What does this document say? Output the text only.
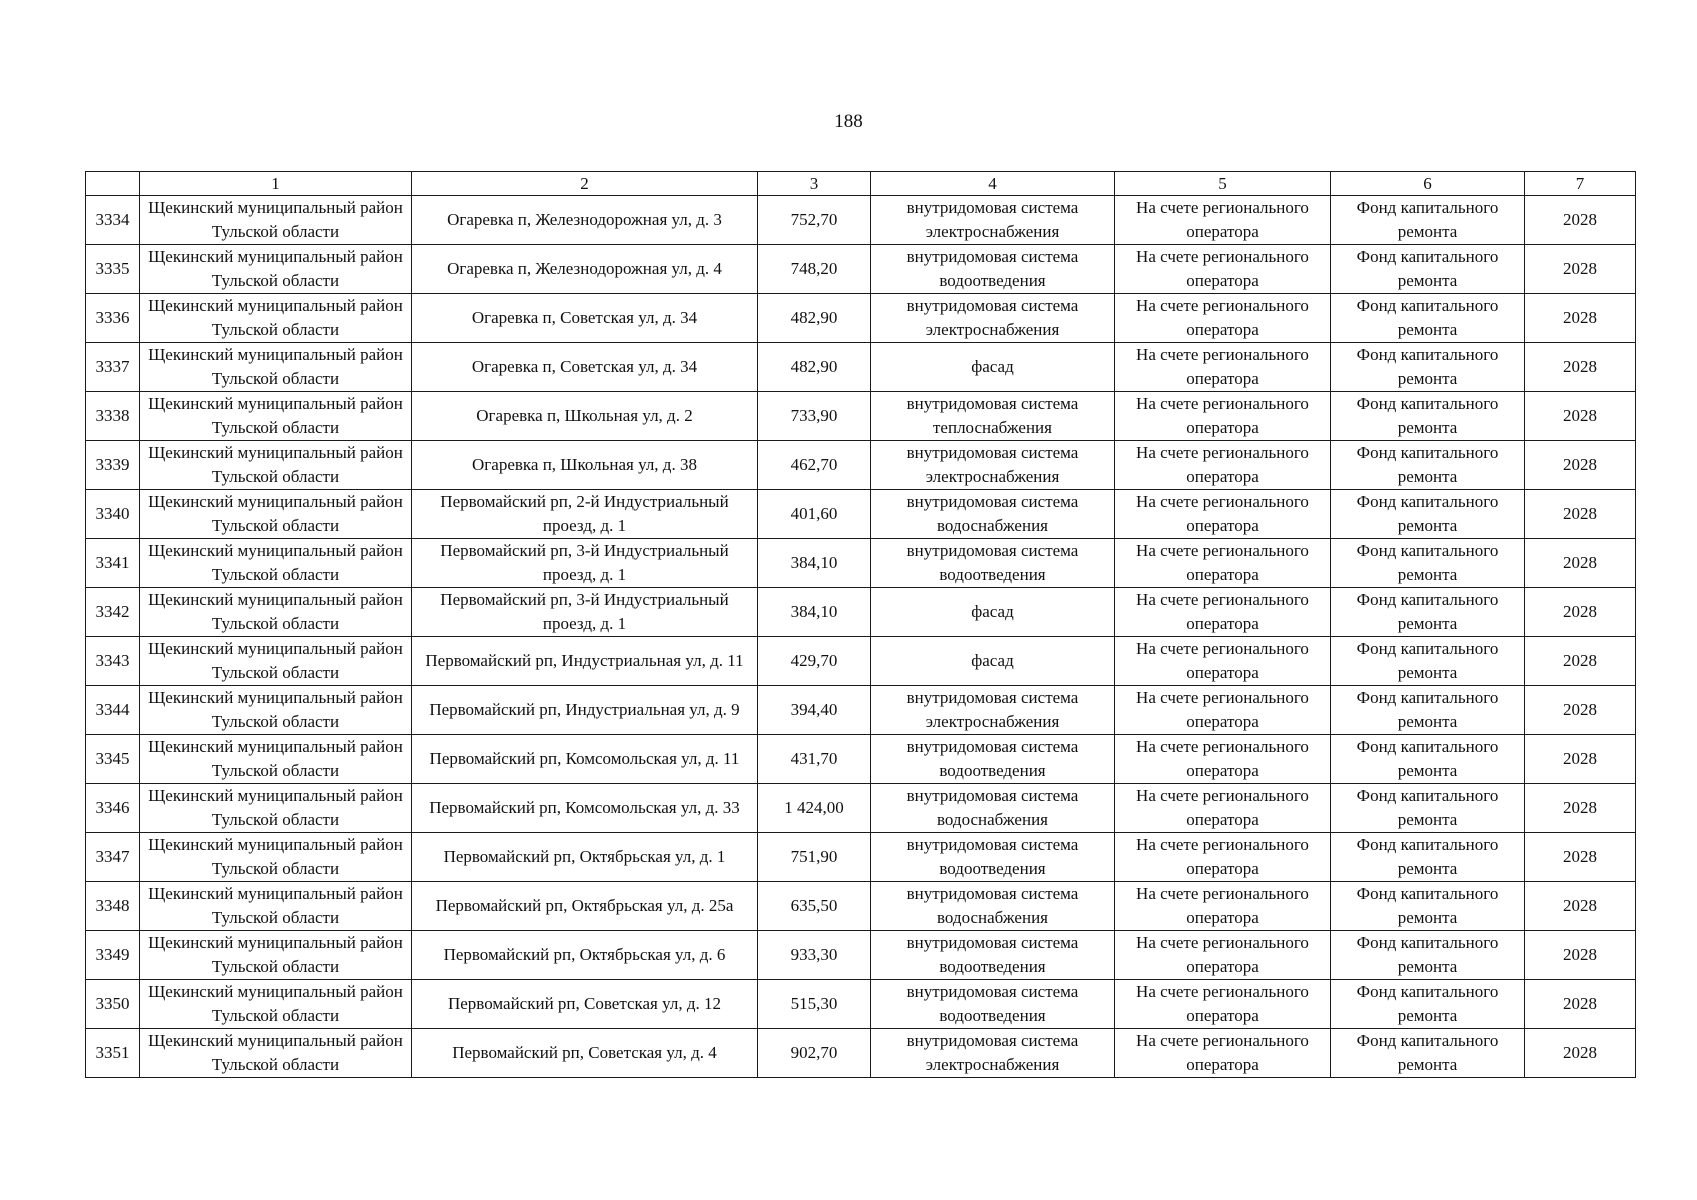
188
	1	2	3	4	5	6	7
3334	Щекинский муниципальный район Тульской области	Огаревка п, Железнодорожная ул, д. 3	752,70	внутридомовая система электроснабжения	На счете регионального оператора	Фонд капитального ремонта	2028
3335	Щекинский муниципальный район Тульской области	Огаревка п, Железнодорожная ул, д. 4	748,20	внутридомовая система водоотведения	На счете регионального оператора	Фонд капитального ремонта	2028
3336	Щекинский муниципальный район Тульской области	Огаревка п, Советская ул, д. 34	482,90	внутридомовая система электроснабжения	На счете регионального оператора	Фонд капитального ремонта	2028
3337	Щекинский муниципальный район Тульской области	Огаревка п, Советская ул, д. 34	482,90	фасад	На счете регионального оператора	Фонд капитального ремонта	2028
3338	Щекинский муниципальный район Тульской области	Огаревка п, Школьная ул, д. 2	733,90	внутридомовая система теплоснабжения	На счете регионального оператора	Фонд капитального ремонта	2028
3339	Щекинский муниципальный район Тульской области	Огаревка п, Школьная ул, д. 38	462,70	внутридомовая система электроснабжения	На счете регионального оператора	Фонд капитального ремонта	2028
3340	Щекинский муниципальный район Тульской области	Первомайский рп, 2-й Индустриальный проезд, д. 1	401,60	внутридомовая система водоснабжения	На счете регионального оператора	Фонд капитального ремонта	2028
3341	Щекинский муниципальный район Тульской области	Первомайский рп, 3-й Индустриальный проезд, д. 1	384,10	внутридомовая система водоотведения	На счете регионального оператора	Фонд капитального ремонта	2028
3342	Щекинский муниципальный район Тульской области	Первомайский рп, 3-й Индустриальный проезд, д. 1	384,10	фасад	На счете регионального оператора	Фонд капитального ремонта	2028
3343	Щекинский муниципальный район Тульской области	Первомайский рп, Индустриальная ул, д. 11	429,70	фасад	На счете регионального оператора	Фонд капитального ремонта	2028
3344	Щекинский муниципальный район Тульской области	Первомайский рп, Индустриальная ул, д. 9	394,40	внутридомовая система электроснабжения	На счете регионального оператора	Фонд капитального ремонта	2028
3345	Щекинский муниципальный район Тульской области	Первомайский рп, Комсомольская ул, д. 11	431,70	внутридомовая система водоотведения	На счете регионального оператора	Фонд капитального ремонта	2028
3346	Щекинский муниципальный район Тульской области	Первомайский рп, Комсомольская ул, д. 33	1 424,00	внутридомовая система водоснабжения	На счете регионального оператора	Фонд капитального ремонта	2028
3347	Щекинский муниципальный район Тульской области	Первомайский рп, Октябрьская ул, д. 1	751,90	внутридомовая система водоотведения	На счете регионального оператора	Фонд капитального ремонта	2028
3348	Щекинский муниципальный район Тульской области	Первомайский рп, Октябрьская ул, д. 25а	635,50	внутридомовая система водоснабжения	На счете регионального оператора	Фонд капитального ремонта	2028
3349	Щекинский муниципальный район Тульской области	Первомайский рп, Октябрьская ул, д. 6	933,30	внутридомовая система водоотведения	На счете регионального оператора	Фонд капитального ремонта	2028
3350	Щекинский муниципальный район Тульской области	Первомайский рп, Советская ул, д. 12	515,30	внутридомовая система водоотведения	На счете регионального оператора	Фонд капитального ремонта	2028
3351	Щекинский муниципальный район Тульской области	Первомайский рп, Советская ул, д. 4	902,70	внутридомовая система электроснабжения	На счете регионального оператора	Фонд капитального ремонта	2028
